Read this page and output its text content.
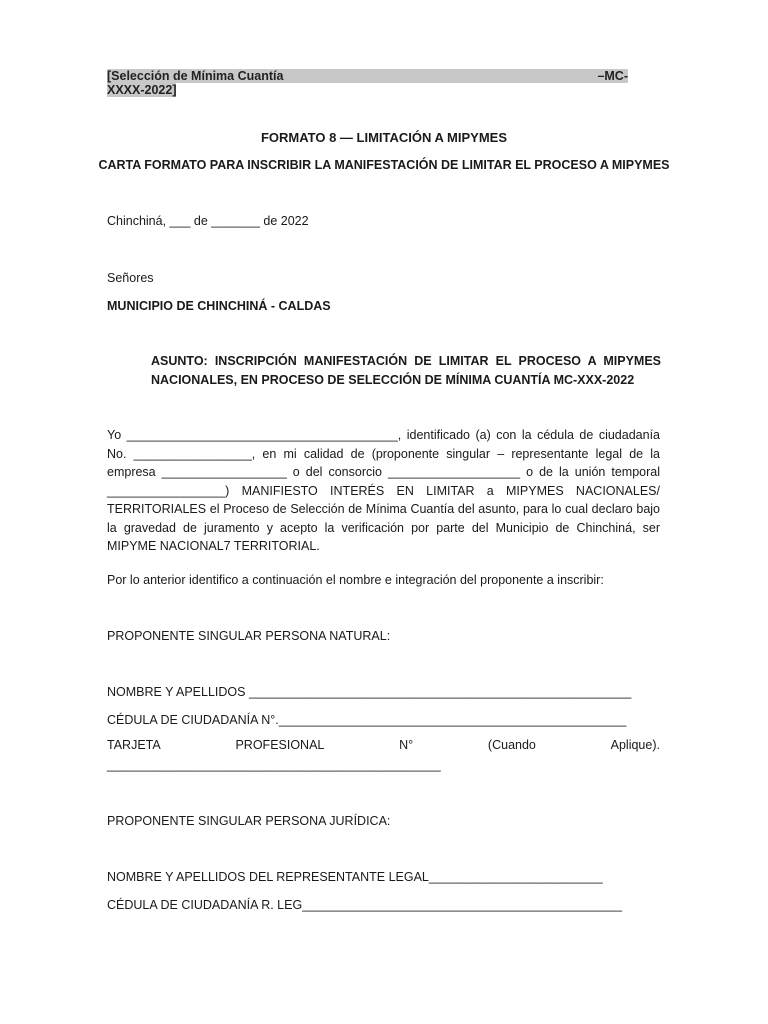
[Selección de Mínima Cuantía	–MC-
XXXX-2022]
FORMATO 8 — LIMITACIÓN A MIPYMES
CARTA FORMATO PARA INSCRIBIR LA MANIFESTACIÓN DE LIMITAR EL PROCESO A MIPYMES
Chinchiná, ___ de _______ de 2022
Señores
MUNICIPIO DE CHINCHINÁ - CALDAS
ASUNTO: INSCRIPCIÓN MANIFESTACIÓN DE LIMITAR EL PROCESO A MIPYMES NACIONALES, EN PROCESO DE SELECCIÓN DE MÍNIMA CUANTÍA MC-XXX-2022
Yo _______________________________________, identificado (a) con la cédula de ciudadanía No. _________________, en mi calidad de (proponente singular – representante legal de la empresa __________________ o del consorcio ___________________ o de la unión temporal _________________) MANIFIESTO INTERÉS EN LIMITAR a MIPYMES NACIONALES/ TERRITORIALES el Proceso de Selección de Mínima Cuantía del asunto, para lo cual declaro bajo la gravedad de juramento y acepto la verificación por parte del Municipio de Chinchiná, ser MIPYME NACIONAL7 TERRITORIAL.
Por lo anterior identifico a continuación el nombre e integración del proponente a inscribir:
PROPONENTE SINGULAR PERSONA NATURAL:
NOMBRE Y APELLIDOS _______________________________________________________
CÉDULA DE CIUDADANÍA N°.__________________________________________________
TARJETA	PROFESIONAL	N°	(Cuando	Aplique).
________________________________________________
PROPONENTE SINGULAR PERSONA JURÍDICA:
NOMBRE Y APELLIDOS DEL REPRESENTANTE LEGAL_________________________
CÉDULA DE CIUDADANÍA R. LEG______________________________________________
